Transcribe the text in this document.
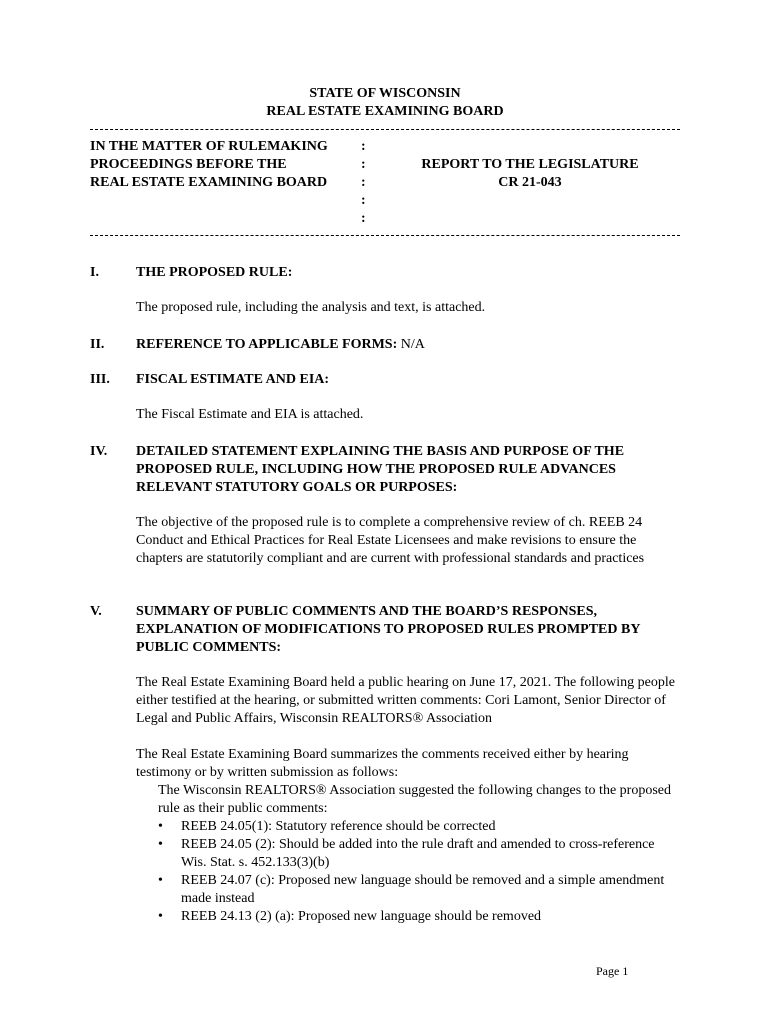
STATE OF WISCONSIN
REAL ESTATE EXAMINING BOARD
IN THE MATTER OF RULEMAKING
PROCEEDINGS BEFORE THE
REAL ESTATE EXAMINING BOARD
:
:
:
:
:
REPORT TO THE LEGISLATURE
CR 21-043
I.	THE PROPOSED RULE:
The proposed rule, including the analysis and text, is attached.
II. REFERENCE TO APPLICABLE FORMS: N/A
III. FISCAL ESTIMATE AND EIA:
The Fiscal Estimate and EIA is attached.
IV. DETAILED STATEMENT EXPLAINING THE BASIS AND PURPOSE OF THE PROPOSED RULE, INCLUDING HOW THE PROPOSED RULE ADVANCES RELEVANT STATUTORY GOALS OR PURPOSES:
The objective of the proposed rule is to complete a comprehensive review of ch. REEB 24 Conduct and Ethical Practices for Real Estate Licensees and make revisions to ensure the chapters are statutorily compliant and are current with professional standards and practices
V. SUMMARY OF PUBLIC COMMENTS AND THE BOARD’S RESPONSES, EXPLANATION OF MODIFICATIONS TO PROPOSED RULES PROMPTED BY PUBLIC COMMENTS:
The Real Estate Examining Board held a public hearing on June 17, 2021. The following people either testified at the hearing, or submitted written comments: Cori Lamont, Senior Director of Legal and Public Affairs, Wisconsin REALTORS® Association
The Real Estate Examining Board summarizes the comments received either by hearing testimony or by written submission as follows:
The Wisconsin REALTORS® Association suggested the following changes to the proposed rule as their public comments:
• REEB 24.05(1): Statutory reference should be corrected
• REEB 24.05 (2): Should be added into the rule draft and amended to cross-reference Wis. Stat. s. 452.133(3)(b)
• REEB 24.07 (c): Proposed new language should be removed and a simple amendment made instead
• REEB 24.13 (2) (a): Proposed new language should be removed
Page 1
